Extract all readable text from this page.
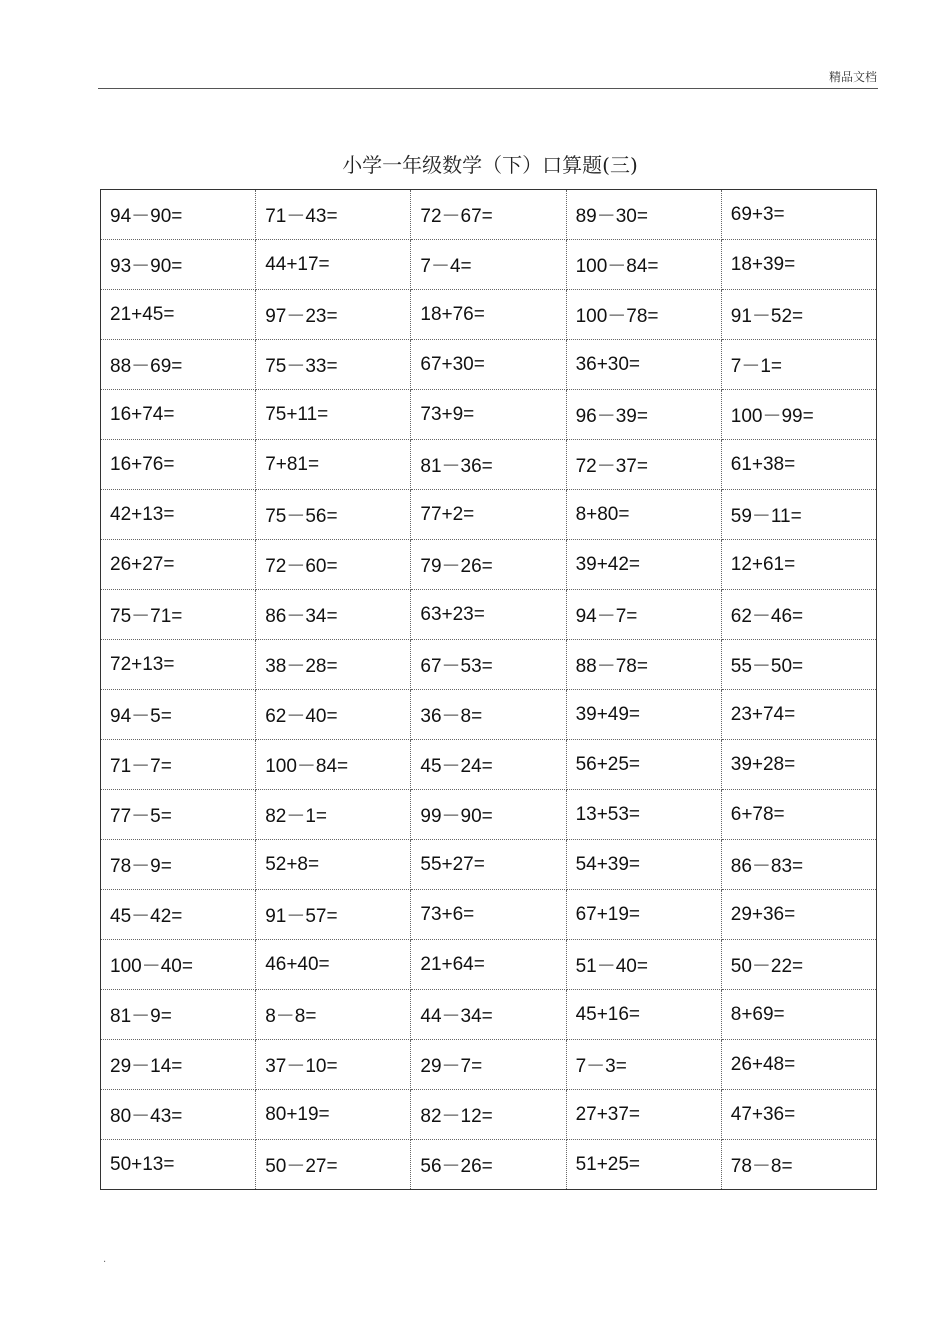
精品文档
小学一年级数学（下）口算题(三)
94－90=	71－43=	72－67=	89－30=	69+3=
93－90=	44+17=	7－4=	100－84=	18+39=
21+45=	97－23=	18+76=	100－78=	91－52=
88－69=	75－33=	67+30=	36+30=	7－1=
16+74=	75+11=	73+9=	96－39=	100－99=
16+76=	7+81=	81－36=	72－37=	61+38=
42+13=	75－56=	77+2=	8+80=	59－11=
26+27=	72－60=	79－26=	39+42=	12+61=
75－71=	86－34=	63+23=	94－7=	62－46=
72+13=	38－28=	67－53=	88－78=	55－50=
94－5=	62－40=	36－8=	39+49=	23+74=
71－7=	100－84=	45－24=	56+25=	39+28=
77－5=	82－1=	99－90=	13+53=	6+78=
78－9=	52+8=	55+27=	54+39=	86－83=
45－42=	91－57=	73+6=	67+19=	29+36=
100－40=	46+40=	21+64=	51－40=	50－22=
81－9=	8－8=	44－34=	45+16=	8+69=
29－14=	37－10=	29－7=	7－3=	26+48=
80－43=	80+19=	82－12=	27+37=	47+36=
50+13=	50－27=	56－26=	51+25=	78－8=
.
